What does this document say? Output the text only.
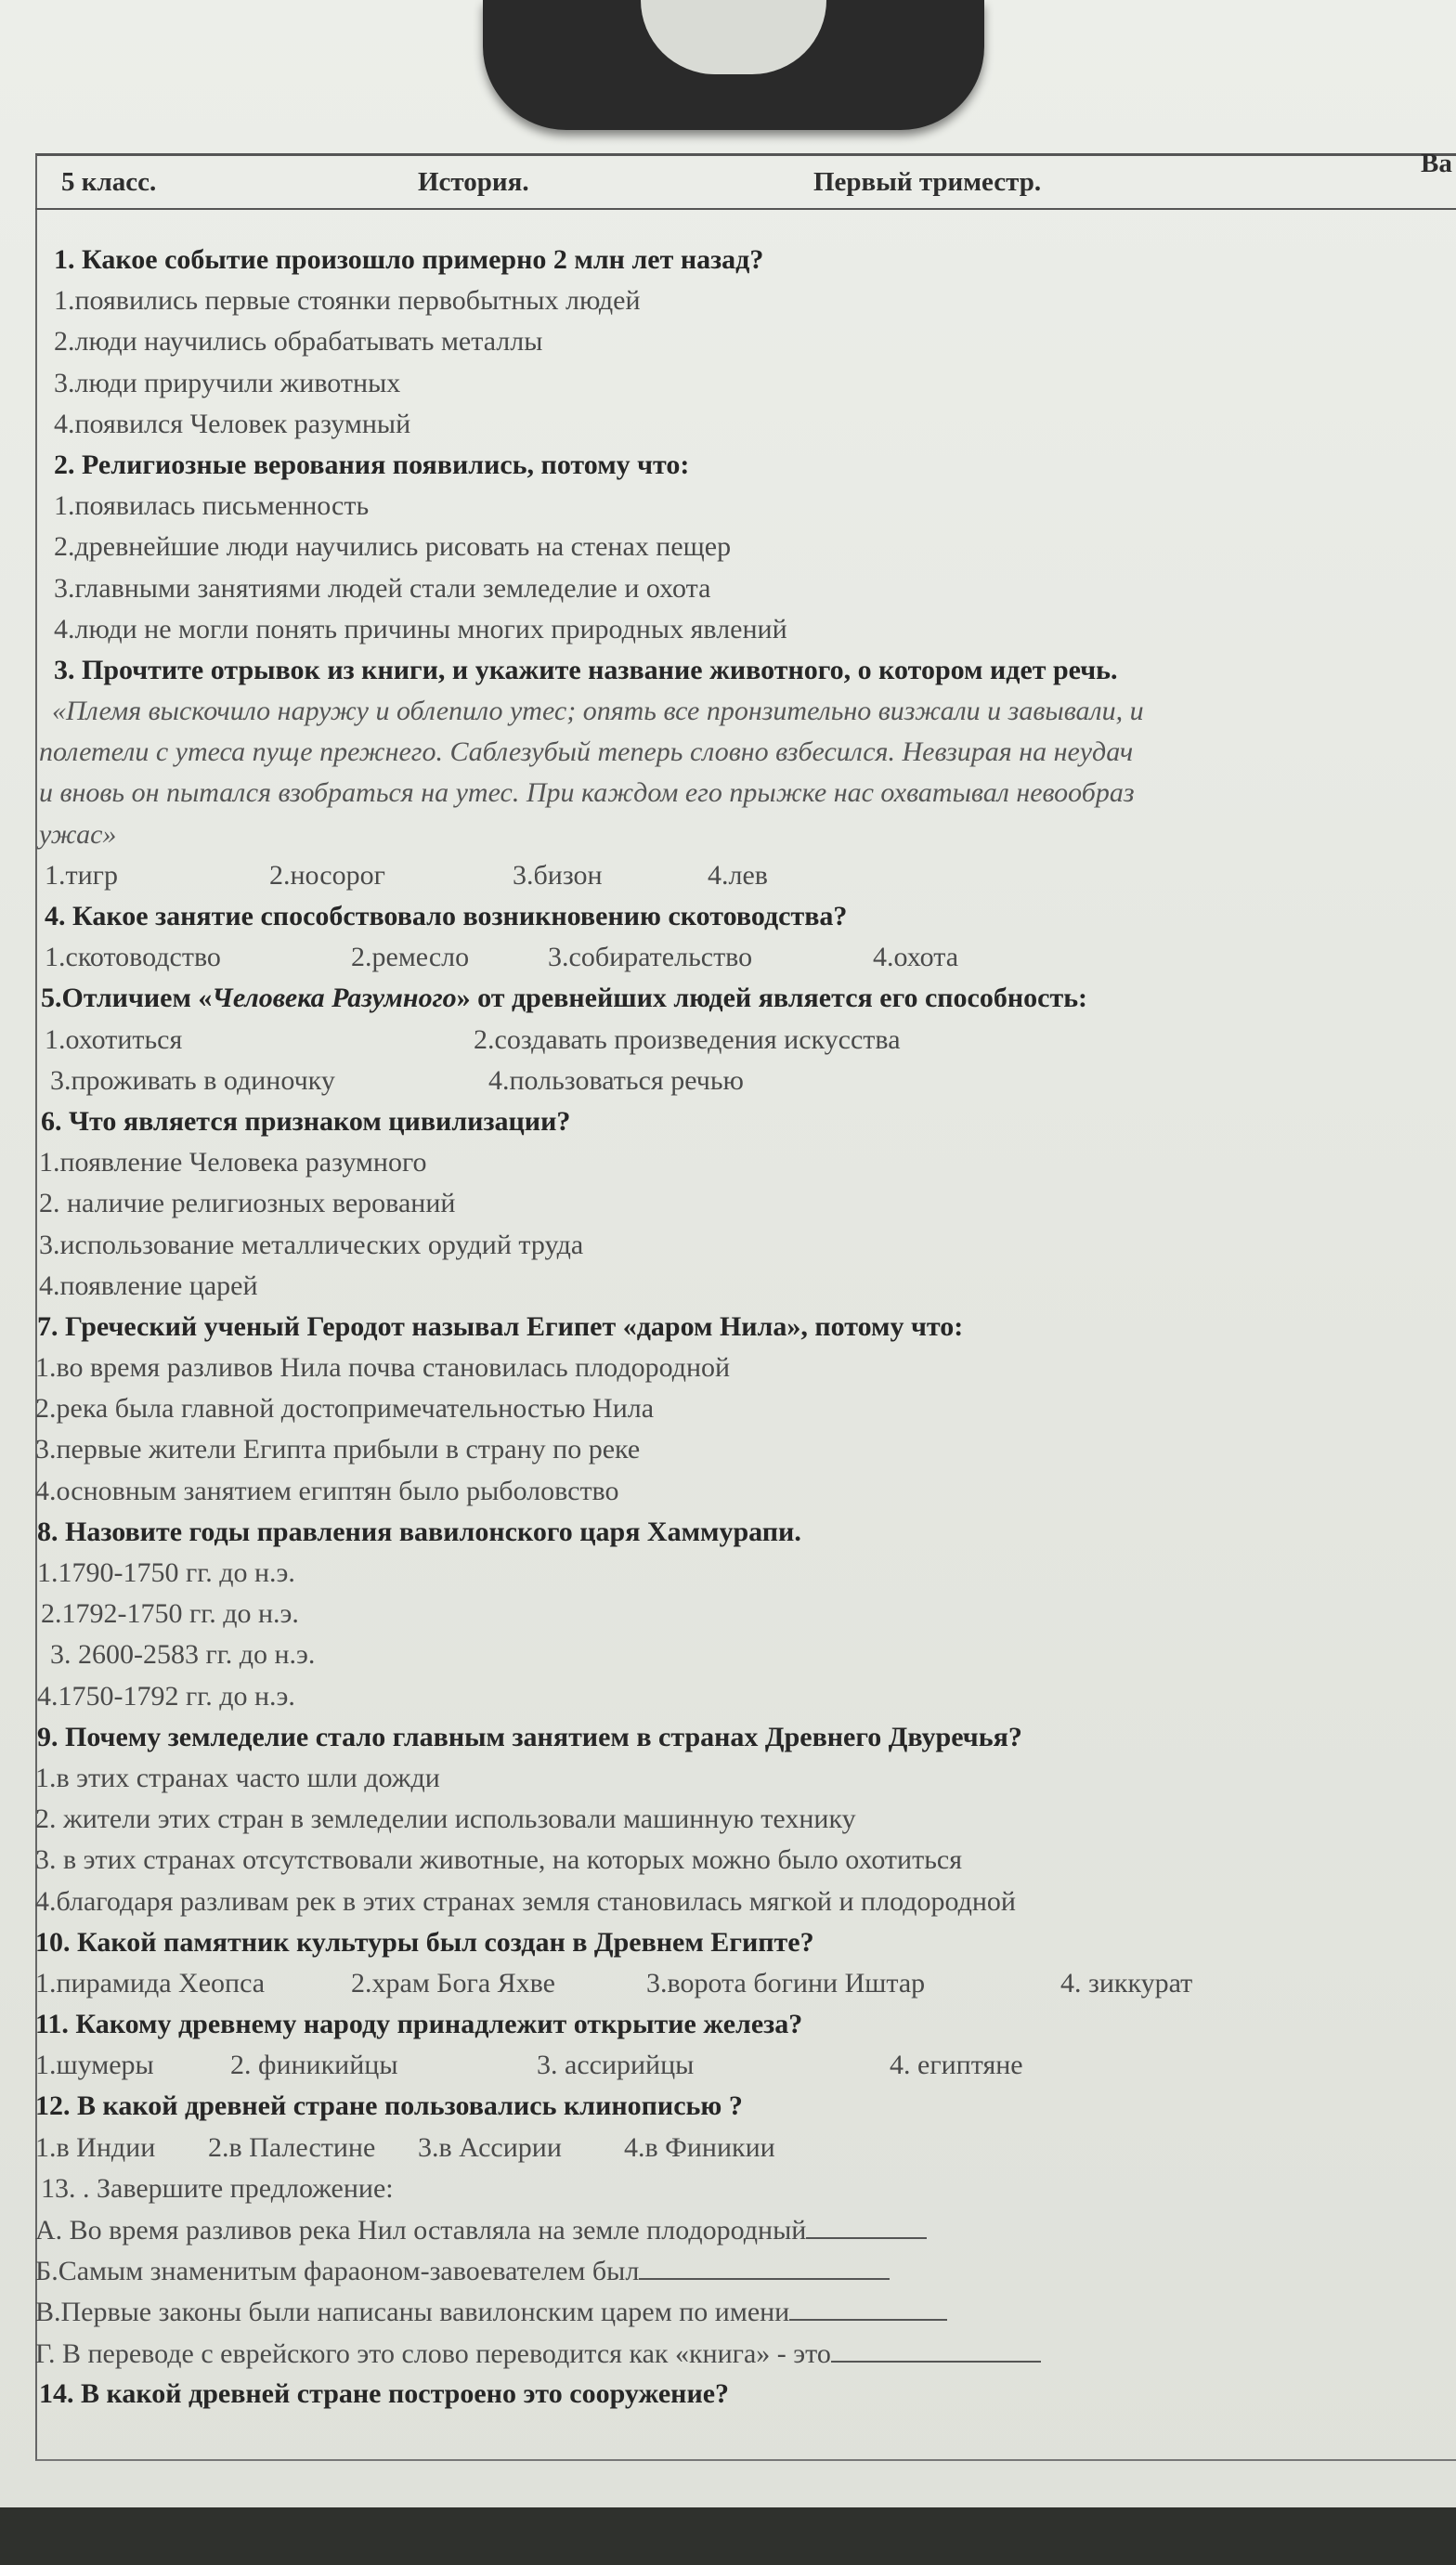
5 класс.	История.	Первый триместр.
Ва
1. Какое событие произошло примерно 2 млн лет назад?
1.появились первые стоянки первобытных людей
2.люди научились обрабатывать металлы
3.люди приручили животных
4.появился Человек разумный
2. Религиозные верования появились, потому что:
1.появилась письменность
2.древнейшие люди научились рисовать на стенах пещер
3.главными занятиями людей стали земледелие и охота
4.люди не могли понять причины многих природных явлений
3. Прочтите отрывок из книги, и укажите название животного, о котором идет речь.
«Племя выскочило наружу и облепило утес; опять все пронзительно визжали и завывали, и
полетели с утеса пуще прежнего. Саблезубый теперь словно взбесился. Невзирая на неудач
и вновь он пытался взобраться на утес. При каждом его прыжке нас охватывал невообраз
ужас»
1.тигр	2.носорог	3.бизон	4.лев
4. Какое занятие способствовало возникновению скотоводства?
1.скотоводство	2.ремесло	3.собирательство	4.охота
5.Отличием «Человека Разумного» от древнейших людей является его способность:
1.охотиться	2.создавать произведения искусства
3.проживать в одиночку	4.пользоваться речью
6. Что является признаком цивилизации?
1.появление Человека разумного
2. наличие религиозных верований
3.использование металлических орудий труда
4.появление царей
7. Греческий ученый Геродот называл Египет «даром Нила», потому что:
1.во время разливов Нила почва становилась плодородной
2.река была главной достопримечательностью Нила
3.первые жители Египта прибыли в страну по реке
4.основным занятием египтян было рыболовство
8. Назовите годы правления вавилонского царя Хаммурапи.
1.1790-1750 гг. до н.э.
2.1792-1750 гг. до н.э.
3. 2600-2583 гг. до н.э.
4.1750-1792 гг. до н.э.
9. Почему земледелие стало главным занятием в странах Древнего Двуречья?
1.в этих странах часто шли дожди
2. жители этих стран в земледелии использовали машинную технику
3. в этих странах отсутствовали животные, на которых можно было охотиться
4.благодаря разливам рек в этих странах земля становилась мягкой и плодородной
10. Какой памятник культуры был создан в Древнем Египте?
1.пирамида Хеопса	2.храм Бога Яхве	3.ворота богини Иштар	4. зиккурат
11. Какому древнему народу принадлежит открытие железа?
1.шумеры	2. финикийцы	3. ассирийцы	4. египтяне
12. В какой древней стране пользовались клинописью ?
1.в Индии	2.в Палестине	3.в Ассирии	4.в Финикии
13. . Завершите предложение:
А. Во время разливов река Нил оставляла на земле плодородный
Б.Самым знаменитым фараоном-завоевателем был
В.Первые законы были написаны вавилонским царем по имени
Г. В переводе с еврейского это слово переводится как «книга» - это
14. В какой древней стране построено это сооружение?
